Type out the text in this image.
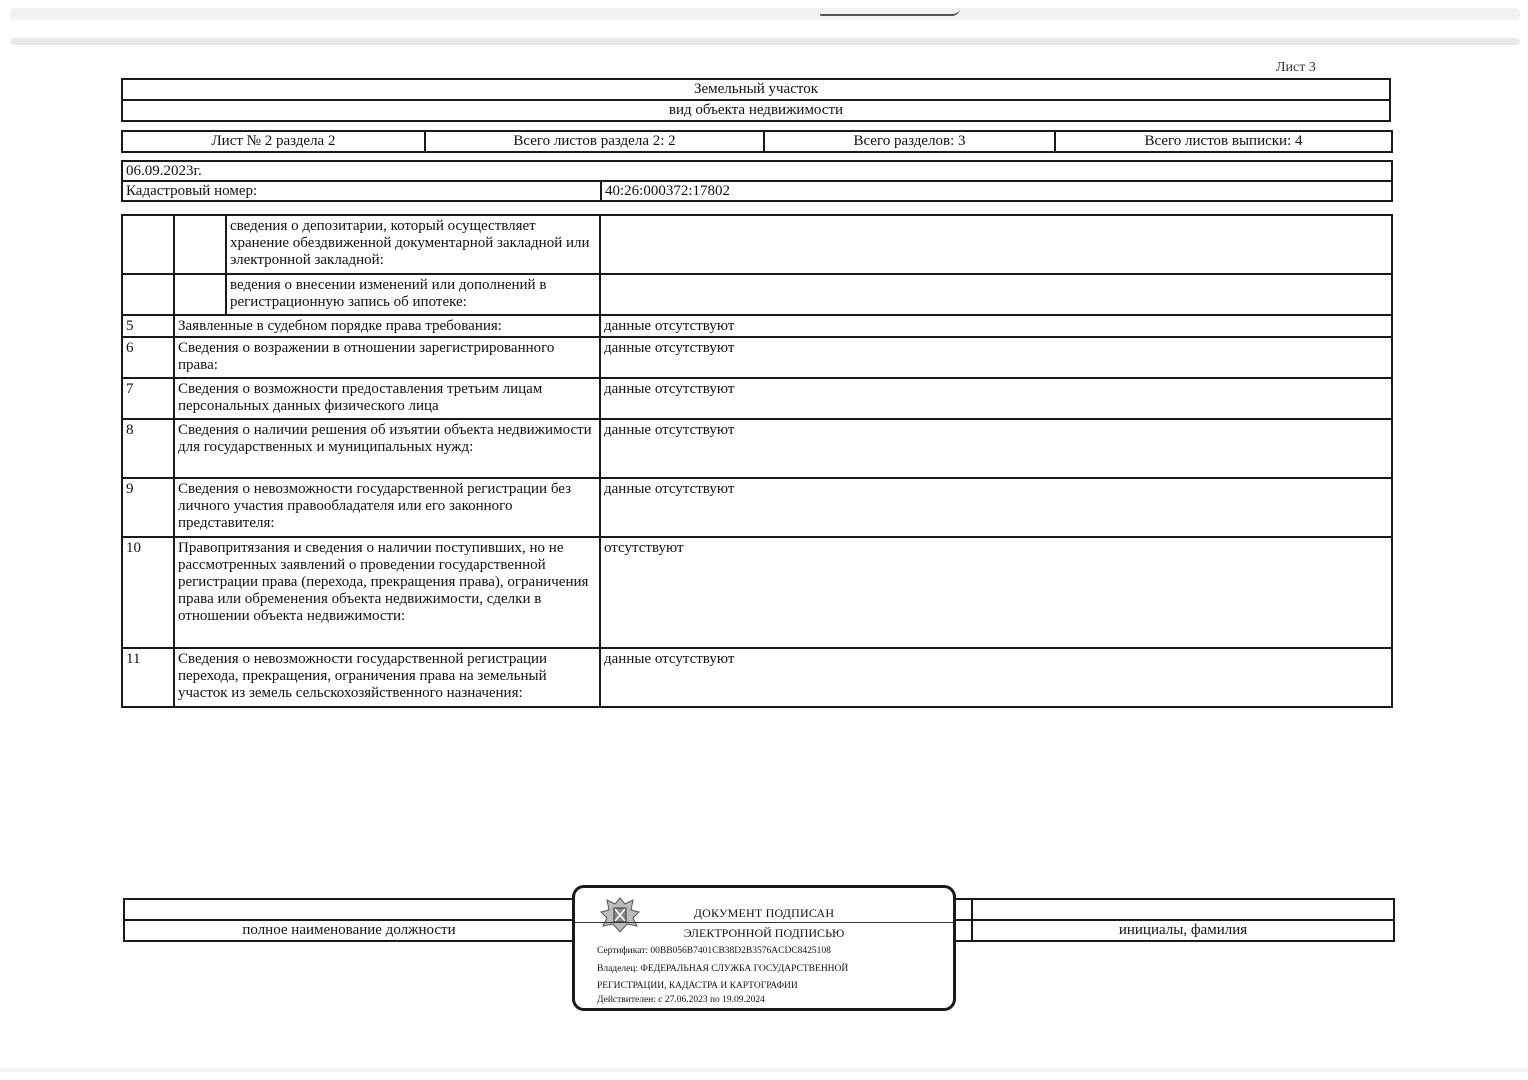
Лист 3
Земельный участок
вид объекта недвижимости
Лист № 2 раздела 2	Всего листов раздела 2: 2	Всего разделов: 3	Всего листов выписки: 4
06.09.2023г.
Кадастровый номер:	40:26:000372:17802
		сведения о депозитарии, который осуществляет хранение обездвиженной документарной закладной или электронной закладной:	
		ведения о внесении изменений или дополнений в регистрационную запись об ипотеке:	
5	Заявленные в судебном порядке права требования:		данные отсутствуют
6	Сведения о возражении в отношении зарегистрированного права:		данные отсутствуют
7	Сведения о возможности предоставления третьим лицам персональных данных физического лица		данные отсутствуют
8	Сведения о наличии решения об изъятии объекта недвижимости для государственных и муниципальных нужд:		данные отсутствуют
9	Сведения о невозможности государственной регистрации без личного участия правообладателя или его законного представителя:		данные отсутствуют
10	Правопритязания и сведения о наличии поступивших, но не рассмотренных заявлений о проведении государственной регистрации права (перехода, прекращения права), ограничения права или обременения объекта недвижимости, сделки в отношении объекта недвижимости:		отсутствуют
11	Сведения о невозможности государственной регистрации перехода, прекращения, ограничения права на земельный участок из земель сельскохозяйственного назначения:		данные отсутствуют

полное наименование должности		инициалы, фамилия
ДОКУМЕНТ ПОДПИСАН
ЭЛЕКТРОННОЙ ПОДПИСЬЮ
Сертификат: 00BB056B7401CB38D2B3576ACDC8425108
Владелец: ФЕДЕРАЛЬНАЯ СЛУЖБА ГОСУДАРСТВЕННОЙ
РЕГИСТРАЦИИ, КАДАСТРА И КАРТОГРАФИИ
Действителен: с 27.06.2023 по 19.09.2024
